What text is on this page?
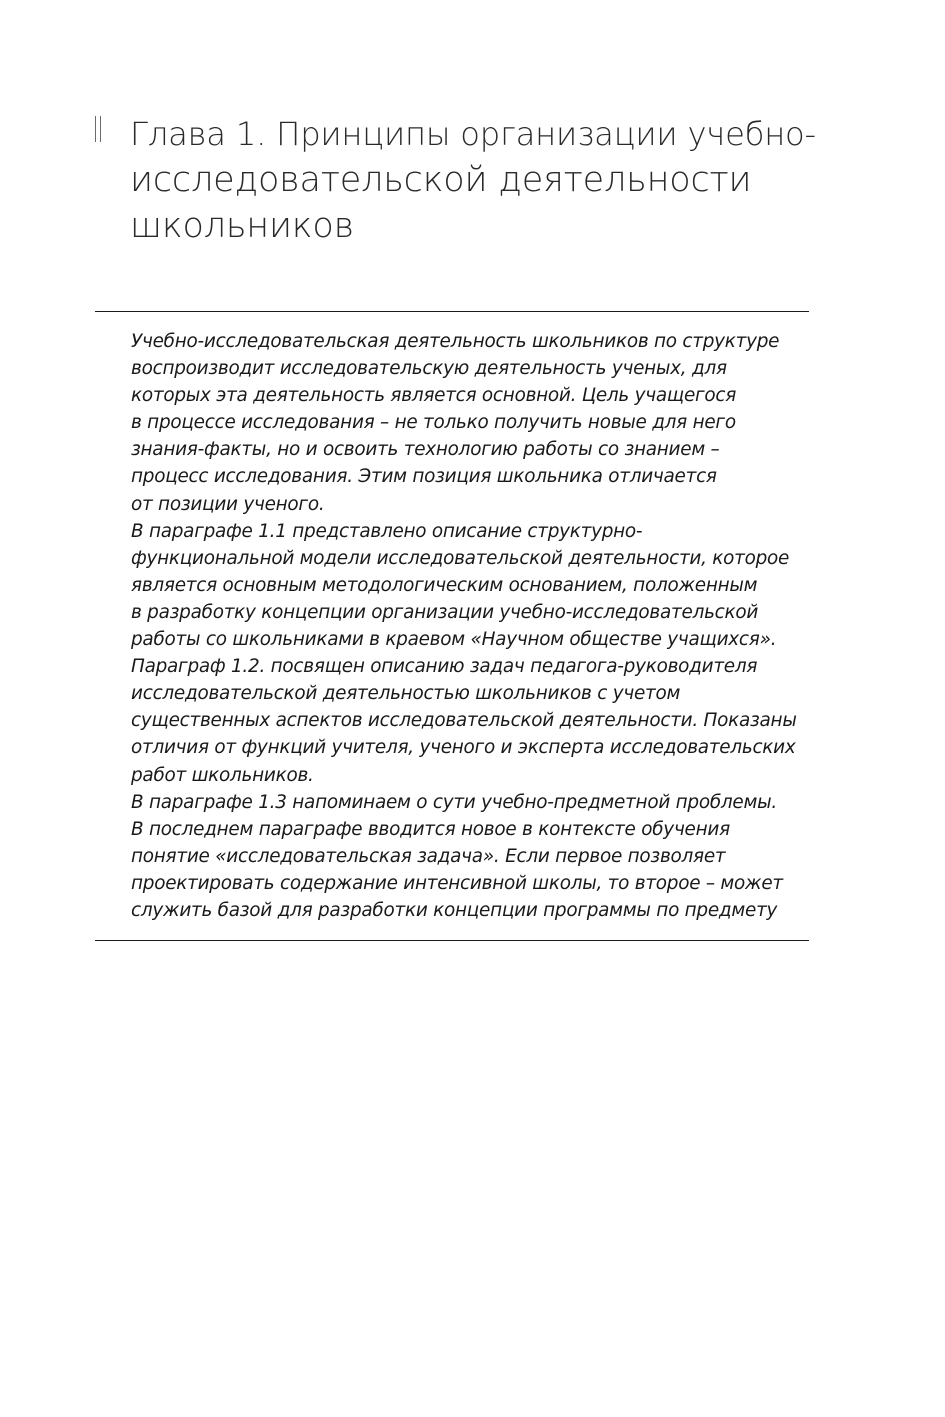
Глава 1. Принципы организации учебно-
исследовательской деятельности
школьников
Учебно-исследовательская деятельность школьников по структуре
воспроизводит исследовательскую деятельность ученых, для
которых эта деятельность является основной. Цель учащегося
в процессе исследования – не только получить новые для него
знания-факты, но и освоить технологию работы со знанием –
процесс исследования. Этим позиция школьника отличается
от позиции ученого.
В параграфе 1.1 представлено описание структурно-
функциональной модели исследовательской деятельности, которое
является основным методологическим основанием, положенным
в разработку концепции организации учебно-исследовательской
работы со школьниками в краевом «Научном обществе учащихся».
Параграф 1.2. посвящен описанию задач педагога-руководителя
исследовательской деятельностью школьников с учетом
существенных аспектов исследовательской деятельности. Показаны
отличия от функций учителя, ученого и эксперта исследовательских
работ школьников.
В параграфе 1.3 напоминаем о сути учебно-предметной проблемы.
В последнем параграфе вводится новое в контексте обучения
понятие «исследовательская задача». Если первое позволяет
проектировать содержание интенсивной школы, то второе – может
служить базой для разработки концепции программы по предмету
